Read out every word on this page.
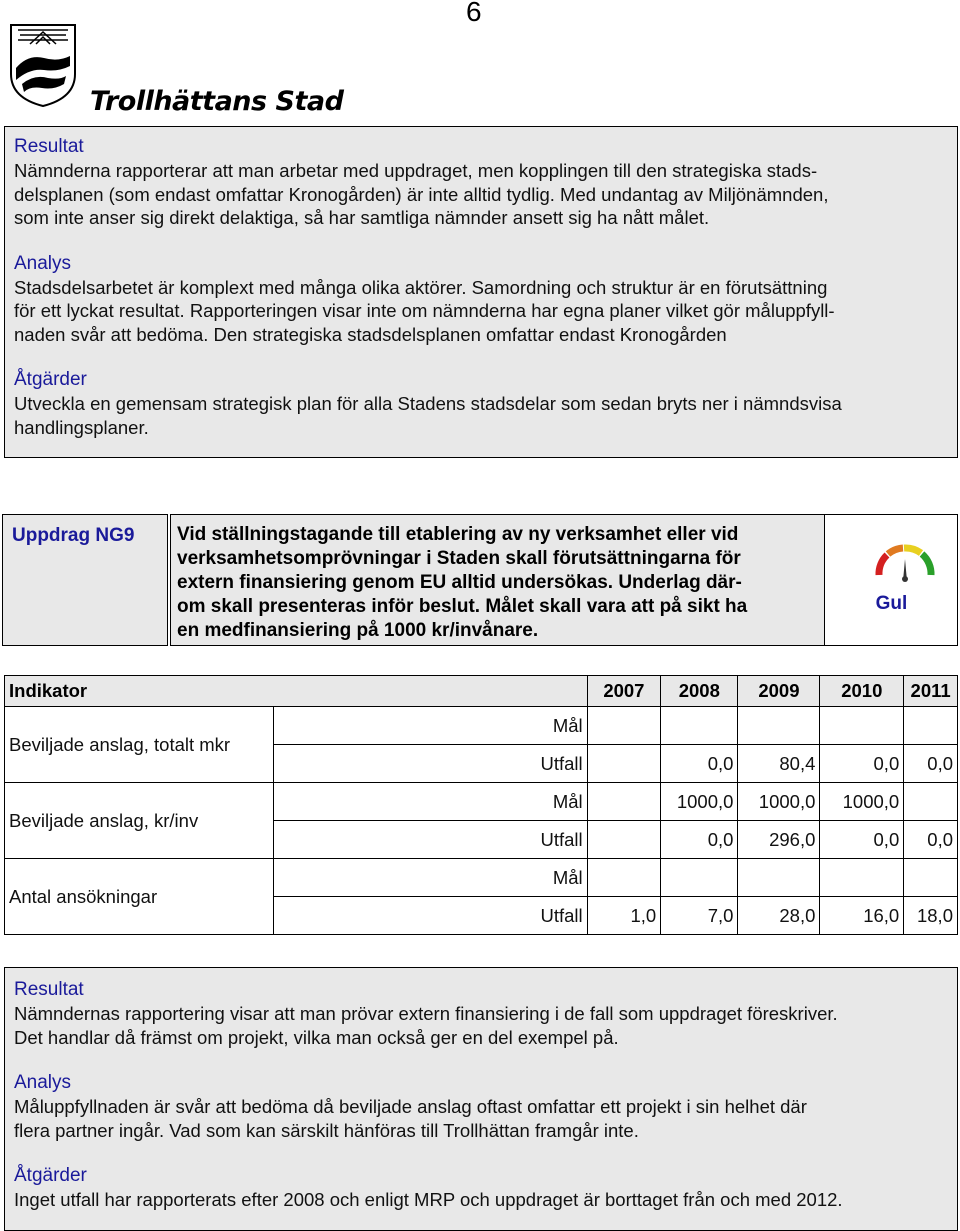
6
Trollhättans Stad
Resultat
Nämnderna rapporterar att man arbetar med uppdraget, men kopplingen till den strategiska stads-
delsplanen (som endast omfattar Kronogården) är inte alltid tydlig. Med undantag av Miljönämnden,
som inte anser sig direkt delaktiga, så har samtliga nämnder ansett sig ha nått målet.
Analys
Stadsdelsarbetet är komplext med många olika aktörer. Samordning och struktur är en förutsättning
för ett lyckat resultat. Rapporteringen visar inte om nämnderna har egna planer vilket gör måluppfyll-
naden svår att bedöma. Den strategiska stadsdelsplanen omfattar endast Kronogården
Åtgärder
Utveckla en gemensam strategisk plan för alla Stadens stadsdelar som sedan bryts ner i nämndsvisa
handlingsplaner.
Uppdrag NG9	Vid ställningstagande till etablering av ny verksamhet eller vid
verksamhetsomprövningar i Staden skall förutsättningarna för
extern finansiering genom EU alltid undersökas. Underlag där-
om skall presenteras inför beslut. Målet skall vara att på sikt ha
en medfinansiering på 1000 kr/invånare.
Gul
Indikator		2007	2008	2009	2010	2011
Beviljade anslag, totalt mkr	Mål					
	Utfall		0,0	80,4	0,0	0,0
Beviljade anslag, kr/inv	Mål		1000,0	1000,0	1000,0	
	Utfall		0,0	296,0	0,0	0,0
Antal ansökningar	Mål					
	Utfall	1,0	7,0	28,0	16,0	18,0
Resultat
Nämndernas rapportering visar att man prövar extern finansiering i de fall som uppdraget föreskriver.
Det handlar då främst om projekt, vilka man också ger en del exempel på.
Analys
Måluppfyllnaden är svår att bedöma då beviljade anslag oftast omfattar ett projekt i sin helhet där
flera partner ingår. Vad som kan särskilt hänföras till Trollhättan framgår inte.
Åtgärder
Inget utfall har rapporterats efter 2008 och enligt MRP och uppdraget är borttaget från och med 2012.
